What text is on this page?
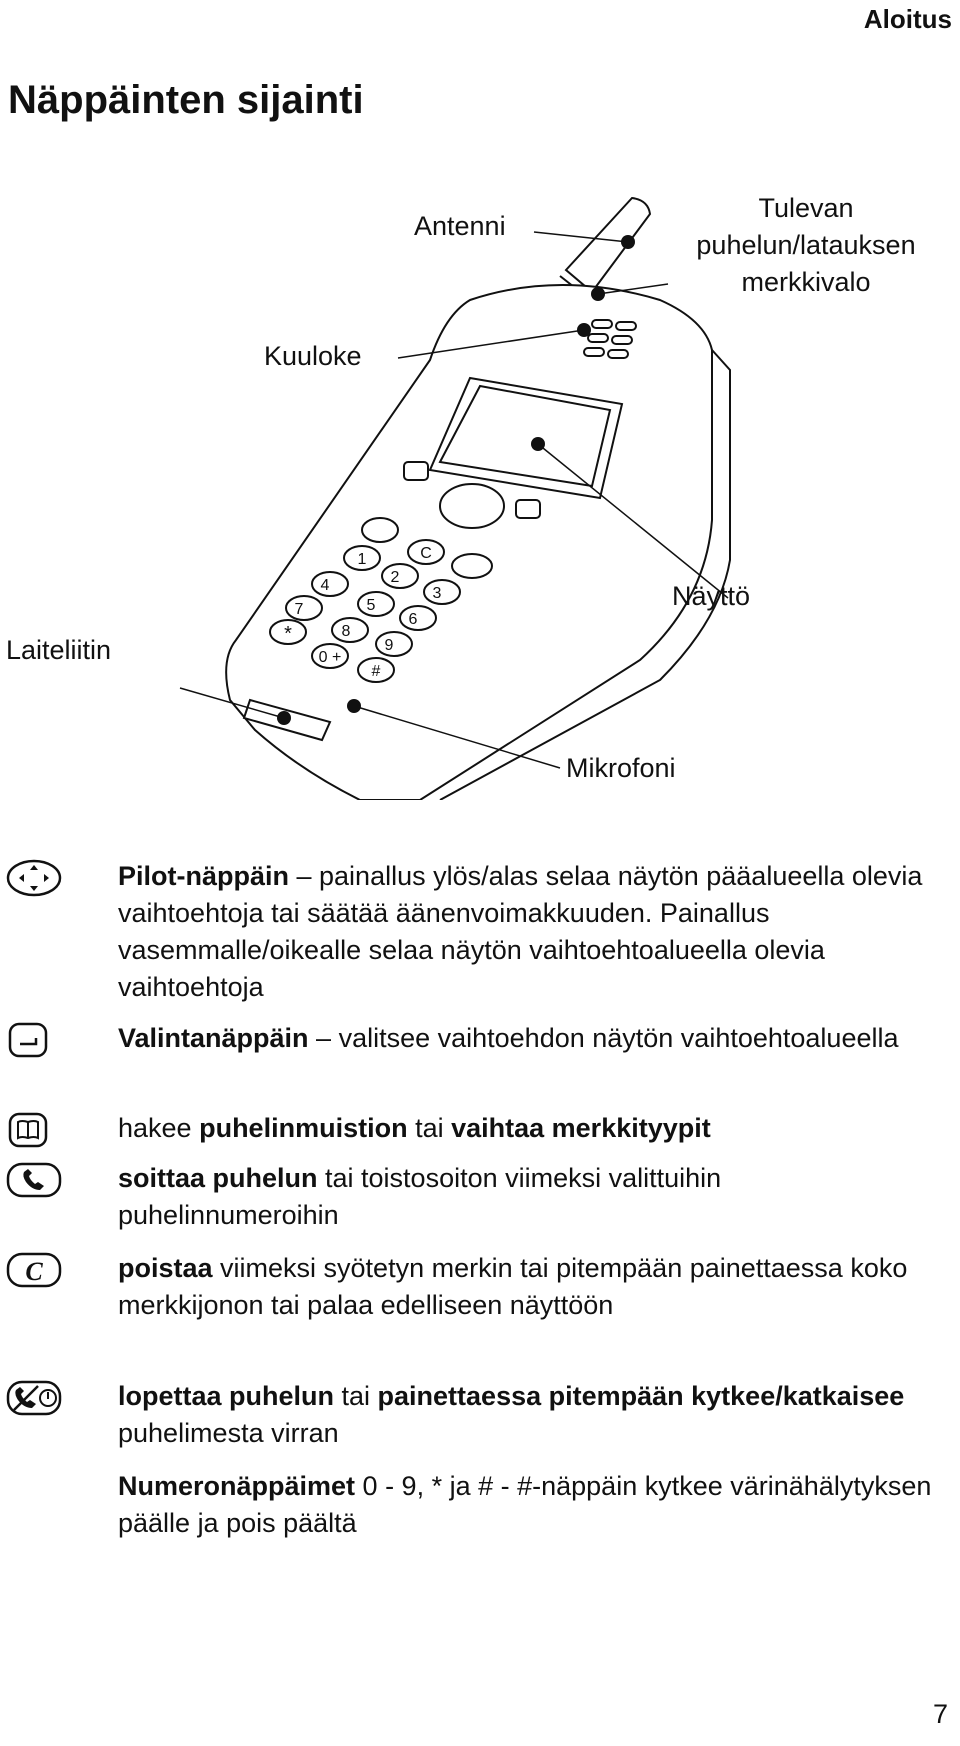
Aloitus
Näppäinten sijainti
1	C
4	2
3
7	5
6
*	8
9
0 +
#
Antenni
Tulevan
puhelun/latauksen
merkkivalo
Kuuloke
Näyttö
Laiteliitin
Mikrofoni
Pilot-näppäin – painallus ylös/alas selaa näytön pääalueella olevia vaihtoehtoja tai säätää äänenvoimakkuuden. Painallus vasemmalle/oikealle selaa näytön vaihtoehtoalueella olevia vaihtoehtoja
Valintanäppäin – valitsee vaihtoehdon näytön vaihtoehtoalueella
hakee puhelinmuistion tai vaihtaa merkkityypit
soittaa puhelun tai toistosoiton viimeksi valittuihin puhelinnumeroihin
C	poistaa viimeksi syötetyn merkin tai pitempään painettaessa koko merkkijonon tai palaa edelliseen näyttöön
lopettaa puhelun tai painettaessa pitempään kytkee/katkaisee puhelimesta virran
Numeronäppäimet 0 - 9, * ja # - #-näppäin kytkee värinähälytyksen päälle ja pois päältä
7
